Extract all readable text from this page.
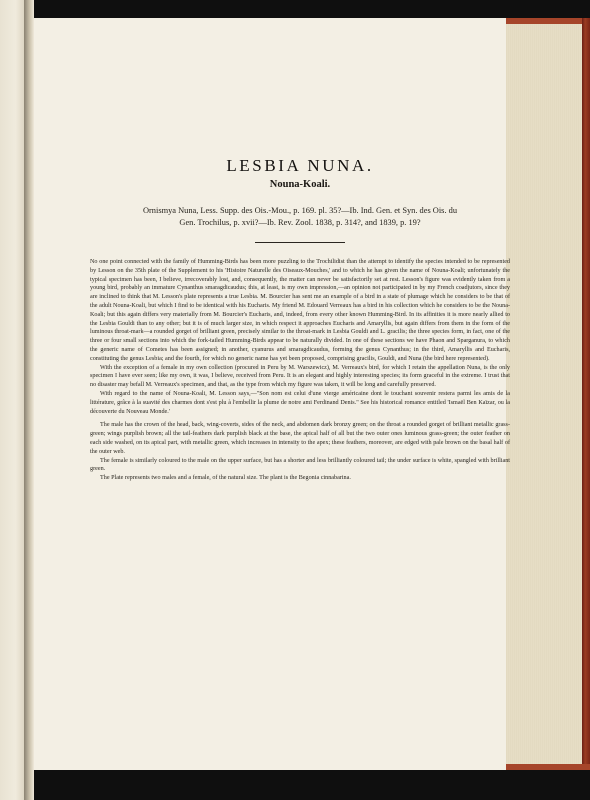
LESBIA NUNA.
Nouna-Koali.
Ornismya Nuna, Less. Supp. des Ois.-Mou., p. 169. pl. 35?—Ib. Ind. Gen. et Syn. des Ois. du
Gen. Trochilus, p. xvii?—Ib. Rev. Zool. 1838, p. 314?, and 1839, p. 19?

No one point connected with the family of Humming-Birds has been more puzzling to the Trochilidist than the attempt to identify the species intended to be represented by Lesson on the 35th plate of the Supplement to his 'Histoire Naturelle des Oiseaux-Mouches,' and to which he has given the name of Nouna-Koali; unfortunately the typical specimen has been, I believe, irrecoverably lost, and, consequently, the matter can never be satisfactorily set at rest. Lesson's figure was evidently taken from a young bird, probably an immature Cynanthus smaragdicaudus; this, at least, is my own impression,—an opinion not participated in by my French coadjutors, since they are inclined to think that M. Lesson's plate represents a true Lesbia. M. Bourcier has sent me an example of a bird in a state of plumage which he considers to be that of the adult Nouna-Koali, but which I find to be identical with his Eucharis. My friend M. Edouard Verreaux has a bird in his collection which he considers to be the Nouna-Koali; but this again differs very materially from M. Bourcier's Eucharis, and, indeed, from every other known Humming-Bird. In its affinities it is more nearly allied to the Lesbia Gouldi than to any other; but it is of much larger size, in which respect it approaches Eucharis and Amaryllis, but again differs from them in the form of the luminous throat-mark—a rounded gorget of brilliant green, precisely similar to the throat-mark in Lesbia Gouldi and L. gracilis; the three species form, in fact, one of the three or four small sections into which the fork-tailed Humming-Birds appear to be naturally divided. In one of these sections we have Phaon and Sparganura, to which the generic name of Cometes has been assigned; in another, cyanurus and smaragdicaudus, forming the genus Cynanthus; in the third, Amaryllis and Eucharis, constituting the genus Lesbia; and the fourth, for which no generic name has yet been proposed, comprising gracilis, Gouldi, and Nuna (the bird here represented).

With the exception of a female in my own collection (procured in Peru by M. Warszewicz), M. Verreaux's bird, for which I retain the appellation Nuna, is the only specimen I have ever seen; like my own, it was, I believe, received from Peru. It is an elegant and highly interesting species; its form graceful in the extreme. I trust that no disaster may befall M. Verreaux's specimen, and that, as the type from which my figure was taken, it will be long and carefully preserved.

With regard to the name of Nouna-Koali, M. Lesson says,—"Son nom est celui d'une vierge américaine dont le touchant souvenir restera parmi les amis de la littérature, grâce à la suavité des charmes dont s'est plu à l'embellir la plume de notre ami Ferdinand Denis." See his historical romance entitled 'Ismaël Ben Kaïzar, ou la découverte du Nouveau Monde.'

The male has the crown of the head, back, wing-coverts, sides of the neck, and abdomen dark bronzy green; on the throat a rounded gorget of brilliant metallic grass-green; wings purplish brown; all the tail-feathers dark purplish black at the base, the apical half of all but the two outer ones luminous grass-green; the outer feather on each side washed, on its apical part, with metallic green, which increases in intensity to the apex; these feathers, moreover, are edged with pale brown on the basal half of the outer web.

The female is similarly coloured to the male on the upper surface, but has a shorter and less brilliantly coloured tail; the under surface is white, spangled with brilliant green.

The Plate represents two males and a female, of the natural size. The plant is the Begonia cinnabarina.
